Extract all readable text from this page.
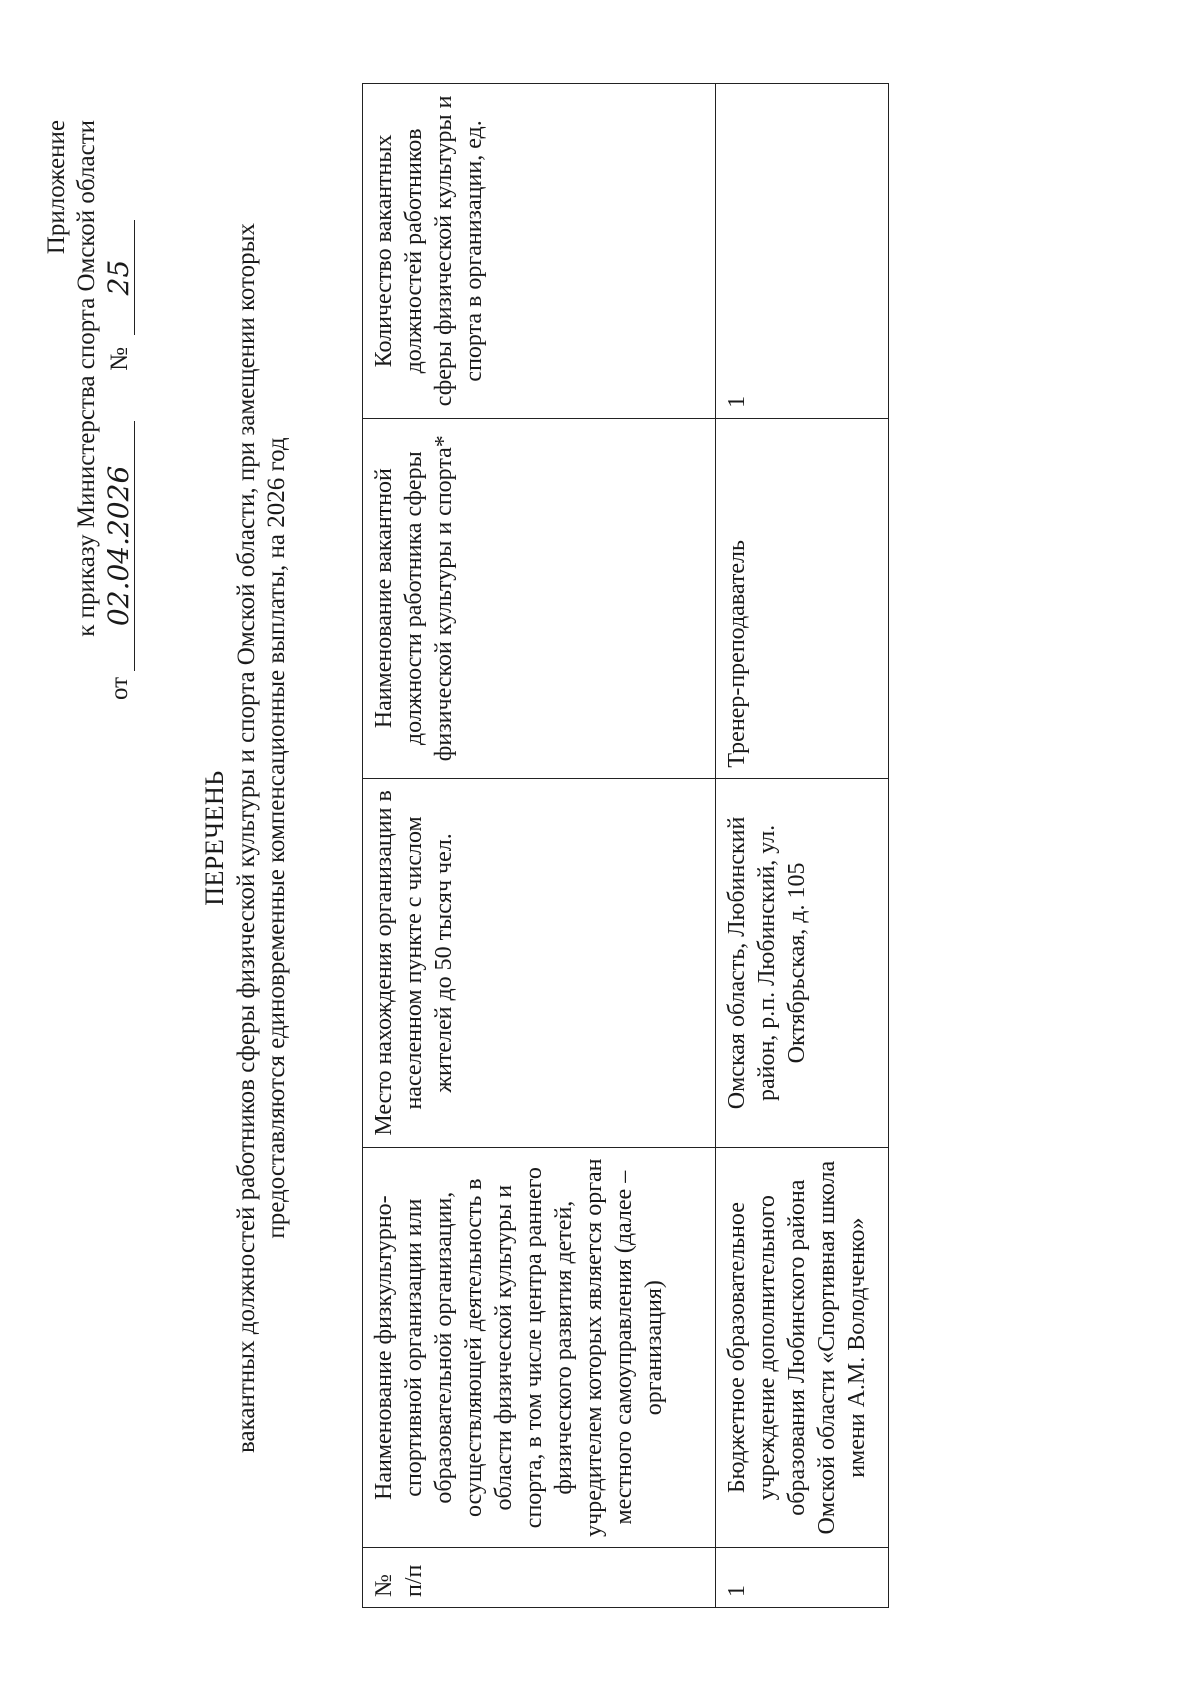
Приложение к приказу Министерства спорта Омской области
от
02.04.2026
№
25
ПЕРЕЧЕНЬ вакантных должностей работников сферы физической культуры и спорта Омской области, при замещении которых предоставляются единовременные компенсационные выплаты, на 2026 год
№ п/п	Наименование физкультурно-спортивной организации или образовательной организации, осуществляющей деятельность в области физической культуры и спорта, в том числе центра раннего физического развития детей, учредителем которых является орган местного самоуправления (далее – организация)	Место нахождения организации в населенном пункте с числом жителей до 50 тысяч чел.	Наименование вакантной должности работника сферы физической культуры и спорта*	Количество вакантных должностей работников сферы физической культуры и спорта в организации, ед.
1	Бюджетное образовательное учреждение дополнительного образования Любинского района Омской области «Спортивная школа имени А.М. Володченко»	Омская область, Любинский район, р.п. Любинский, ул. Октябрьская, д. 105	Тренер-преподаватель	1
